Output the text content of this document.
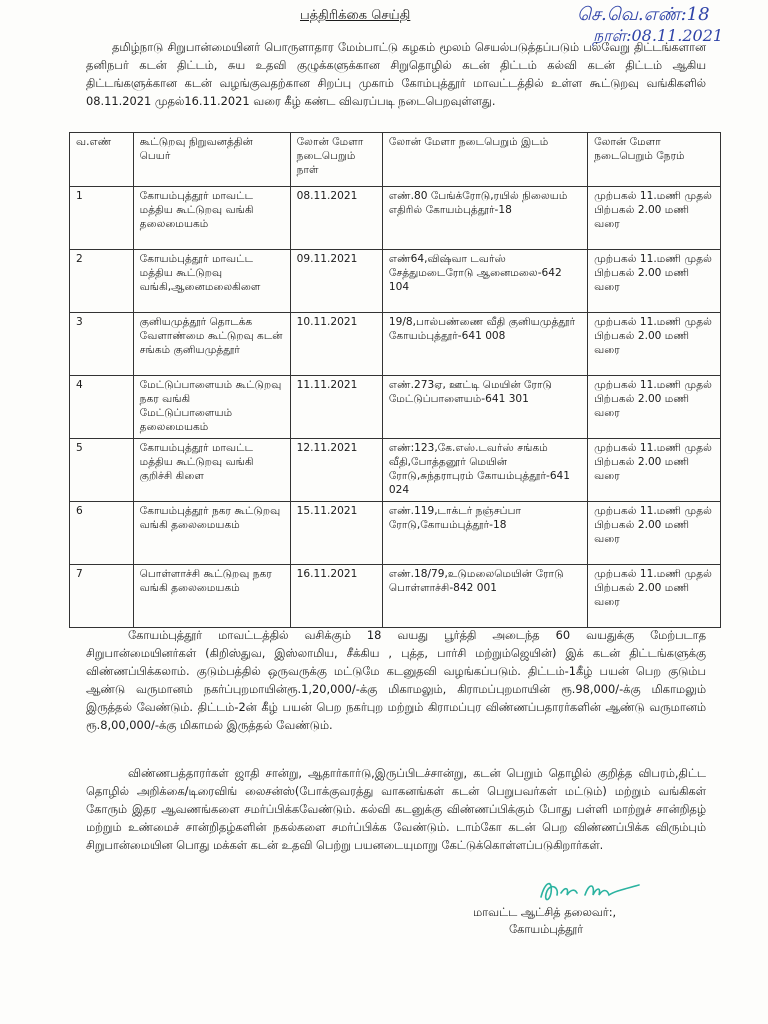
பத்திரிக்கை செய்தி	செ.வெ.எண்:18
நாள்:08.11.2021

தமிழ்நாடு சிறுபான்மையினர் பொருளாதார மேம்பாட்டு கழகம் மூலம் செயல்படுத்தப்படும் பல்வேறு திட்டங்களான தனிநபர் கடன் திட்டம், சுய உதவி குழுக்களுக்கான சிறுதொழில் கடன் திட்டம் கல்வி கடன் திட்டம் ஆகிய திட்டங்களுக்கான கடன் வழங்குவதற்கான சிறப்பு முகாம் கோம்புத்தூர் மாவட்டத்தில் உள்ள கூட்டுறவு வங்கிகளில் 08.11.2021 முதல்16.11.2021 வரை கீழ் கண்ட விவரப்படி நடைபெறவுள்ளது.

வ.எண்	கூட்டுறவு நிறுவனத்தின் பெயர்	லோன் மேளா நடைபெறும் நாள்	லோன் மேளா நடைபெறும் இடம்	லோன் மேளா நடைபெறும் நேரம்
1	கோயம்புத்தூர் மாவட்ட மத்திய கூட்டுறவு வங்கி தலைமையகம்	08.11.2021	எண்.80 பேங்க்ரோடு,ரயில் நிலையம் எதிரில் கோயம்புத்தூர்-18	முற்பகல் 11.மணி முதல் பிற்பகல் 2.00 மணி வரை
2	கோயம்புத்தூர் மாவட்ட மத்திய கூட்டுறவு வங்கி,ஆனைமலைகிளை	09.11.2021	எண்64,விஷ்வா டவர்ஸ் சேத்துமடைரோடு ஆனைமலை-642 104	முற்பகல் 11.மணி முதல் பிற்பகல் 2.00 மணி வரை
3	குனியமுத்தூர் தொடக்க வேளாண்மை கூட்டுறவு கடன் சங்கம் குனியமுத்தூர்	10.11.2021	19/8,பால்பண்ணை வீதி குனியமுத்தூர் கோயம்புத்தூர்-641 008	முற்பகல் 11.மணி முதல் பிற்பகல் 2.00 மணி வரை
4	மேட்டுப்பாளையம் கூட்டுறவு நகர வங்கி மேட்டுப்பாளையம் தலைமையகம்	11.11.2021	எண்.273ஏ, ஊட்டி மெயின் ரோடு மேட்டுப்பாளையம்-641 301	முற்பகல் 11.மணி முதல் பிற்பகல் 2.00 மணி வரை
5	கோயம்புத்தூர் மாவட்ட மத்திய கூட்டுறவு வங்கி குறிச்சி கிளை	12.11.2021	எண்:123,கே.எஸ்.டவர்ஸ் சங்கம் வீதி,போத்தனூர் மெயின் ரோடு,சுந்தராபுரம் கோயம்புத்தூர்-641 024	முற்பகல் 11.மணி முதல் பிற்பகல் 2.00 மணி வரை
6	கோயம்புத்தூர் நகர கூட்டுறவு வங்கி தலைமையகம்	15.11.2021	எண்.119,டாக்டர் நஞ்சப்பா ரோடு,கோயம்புத்தூர்-18	முற்பகல் 11.மணி முதல் பிற்பகல் 2.00 மணி வரை
7	பொள்ளாச்சி கூட்டுறவு நகர வங்கி தலைமையகம்	16.11.2021	எண்.18/79,உடுமலைமெயின் ரோடு பொள்ளாச்சி-842 001	முற்பகல் 11.மணி முதல் பிற்பகல் 2.00 மணி வரை

கோயம்புத்தூர் மாவட்டத்தில் வசிக்கும் 18 வயது பூர்த்தி அடைந்த 60 வயதுக்கு மேற்படாத சிறுபான்மையினர்கள் (கிறிஸ்துவ, இஸ்லாமிய, சீக்கிய , புத்த, பார்சி மற்றும்ஜெயின்) இக் கடன் திட்டங்களுக்கு விண்ணப்பிக்கலாம். குடும்பத்தில் ஒருவருக்கு மட்டுமே கடனுதவி வழங்கப்படும். திட்டம்-1கீழ் பயன் பெற குடும்ப ஆண்டு வருமானம் நகர்ப்புறமாயின்ரூ.1,20,000/-க்கு மிகாமலும், கிராமப்புறமாயின் ரூ.98,000/-க்கு மிகாமலும் இருத்தல் வேண்டும். திட்டம்-2ன் கீழ் பயன் பெற நகர்புற மற்றும் கிராமப்புர விண்ணப்பதாரர்களின் ஆண்டு வருமானம் ரூ.8,00,000/-க்கு மிகாமல் இருத்தல் வேண்டும்.

விண்ணபத்தாரர்கள் ஜாதி சான்று, ஆதார்கார்டு,இருப்பிடச்சான்று, கடன் பெறும் தொழில் குறித்த விபரம்,திட்ட தொழில் அறிக்கை/டிரைவிங் லைசன்ஸ்(போக்குவரத்து வாகனங்கள் கடன் பெறுபவர்கள் மட்டும்) மற்றும் வங்கிகள் கோரும் இதர ஆவணங்களை சமர்ப்பிக்கவேண்டும். கல்வி கடனுக்கு விண்ணப்பிக்கும் போது பள்ளி மாற்றுச் சான்றிதழ் மற்றும் உண்மைச் சான்றிதழ்களின் நகல்களை சமர்ப்பிக்க வேண்டும். டாம்கோ கடன் பெற விண்ணப்பிக்க விரும்பும் சிறுபான்மையின பொது மக்கள் கடன் உதவி பெற்று பயனடையுமாறு கேட்டுக்கொள்ளப்படுகிறார்கள்.

மாவட்ட ஆட்சித் தலைவர்:,
கோயம்புத்தூர்
